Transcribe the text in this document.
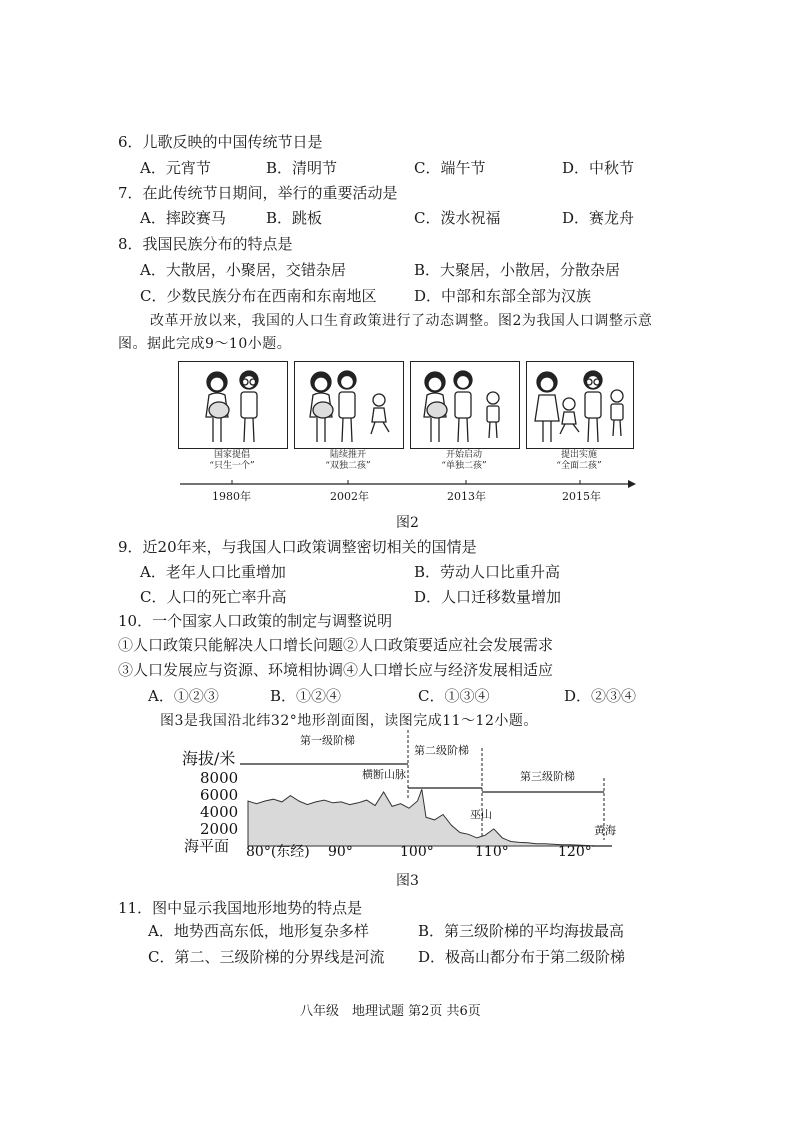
6．儿歌反映的中国传统节日是
A．元宵节	B．清明节	C．端午节	D．中秋节
7．在此传统节日期间，举行的重要活动是
A．摔跤赛马	B．跳板	C．泼水祝福	D．赛龙舟
8．我国民族分布的特点是
A．大散居，小聚居，交错杂居	B．大聚居，小散居，分散杂居
C．少数民族分布在西南和东南地区	D．中部和东部全部为汉族
改革开放以来，我国的人口生育政策进行了动态调整。图2为我国人口调整示意
图。据此完成9～10小题。
国家提倡
“只生一个”
陆续推开
“双独二孩”
开始启动
“单独二孩”
提出实施
“全面二孩”
1980年	2002年	2013年	2015年
图2
9．近20年来，与我国人口政策调整密切相关的国情是
A．老年人口比重增加	B．劳动人口比重升高
C．人口的死亡率升高	D．人口迁移数量增加
10．一个国家人口政策的制定与调整说明
①人口政策只能解决人口增长问题②人口政策要适应社会发展需求
③人口发展应与资源、环境相协调④人口增长应与经济发展相适应
A．①②③	B．①②④	C．①③④	D．②③④
图3是我国沿北纬32°地形剖面图，读图完成11～12小题。
海拔/米
8000
6000
4000
2000
海平面
第一级阶梯
第二级阶梯
第三级阶梯
横断山脉
巫山
黄海
80°(东经) 90°	100°	110°	120°
图3
11．图中显示我国地形地势的特点是
A．地势西高东低，地形复杂多样	B．第三级阶梯的平均海拔最高
C．第二、三级阶梯的分界线是河流 D．极高山都分布于第二级阶梯
八年级　地理试题 第2页 共6页
